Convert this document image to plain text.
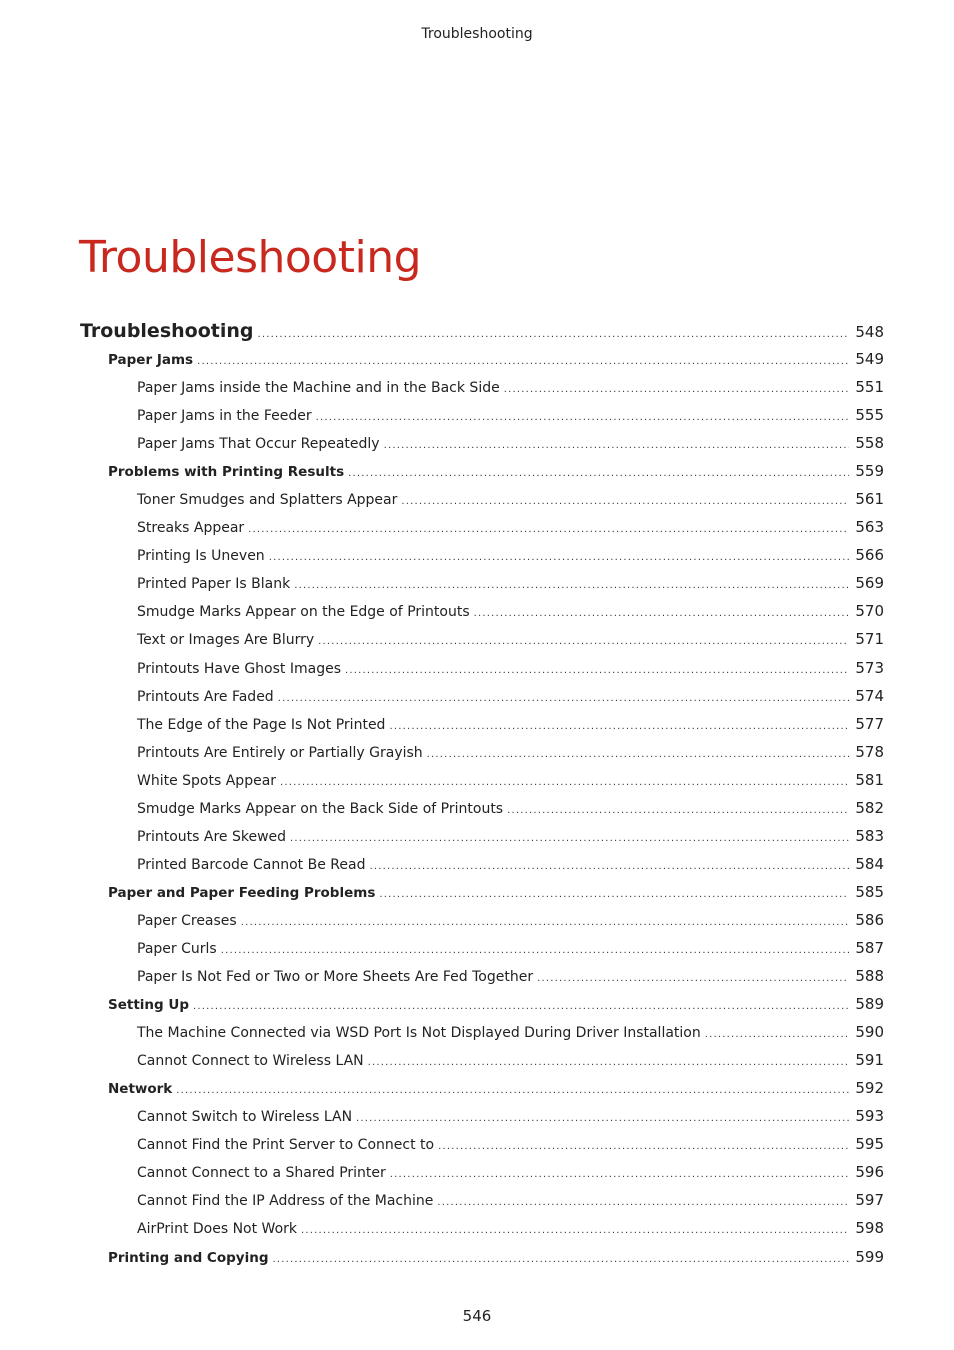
Troubleshooting
Troubleshooting
Troubleshooting .....	548
Paper Jams .....	549
Paper Jams inside the Machine and in the Back Side .....	551
Paper Jams in the Feeder .....	555
Paper Jams That Occur Repeatedly .....	558
Problems with Printing Results .....	559
Toner Smudges and Splatters Appear .....	561
Streaks Appear .....	563
Printing Is Uneven .....	566
Printed Paper Is Blank .....	569
Smudge Marks Appear on the Edge of Printouts .....	570
Text or Images Are Blurry .....	571
Printouts Have Ghost Images .....	573
Printouts Are Faded .....	574
The Edge of the Page Is Not Printed .....	577
Printouts Are Entirely or Partially Grayish .....	578
White Spots Appear .....	581
Smudge Marks Appear on the Back Side of Printouts .....	582
Printouts Are Skewed .....	583
Printed Barcode Cannot Be Read .....	584
Paper and Paper Feeding Problems .....	585
Paper Creases .....	586
Paper Curls .....	587
Paper Is Not Fed or Two or More Sheets Are Fed Together .....	588
Setting Up .....	589
The Machine Connected via WSD Port Is Not Displayed During Driver Installation .....	590
Cannot Connect to Wireless LAN .....	591
Network .....	592
Cannot Switch to Wireless LAN .....	593
Cannot Find the Print Server to Connect to .....	595
Cannot Connect to a Shared Printer .....	596
Cannot Find the IP Address of the Machine .....	597
AirPrint Does Not Work .....	598
Printing and Copying .....	599
546
